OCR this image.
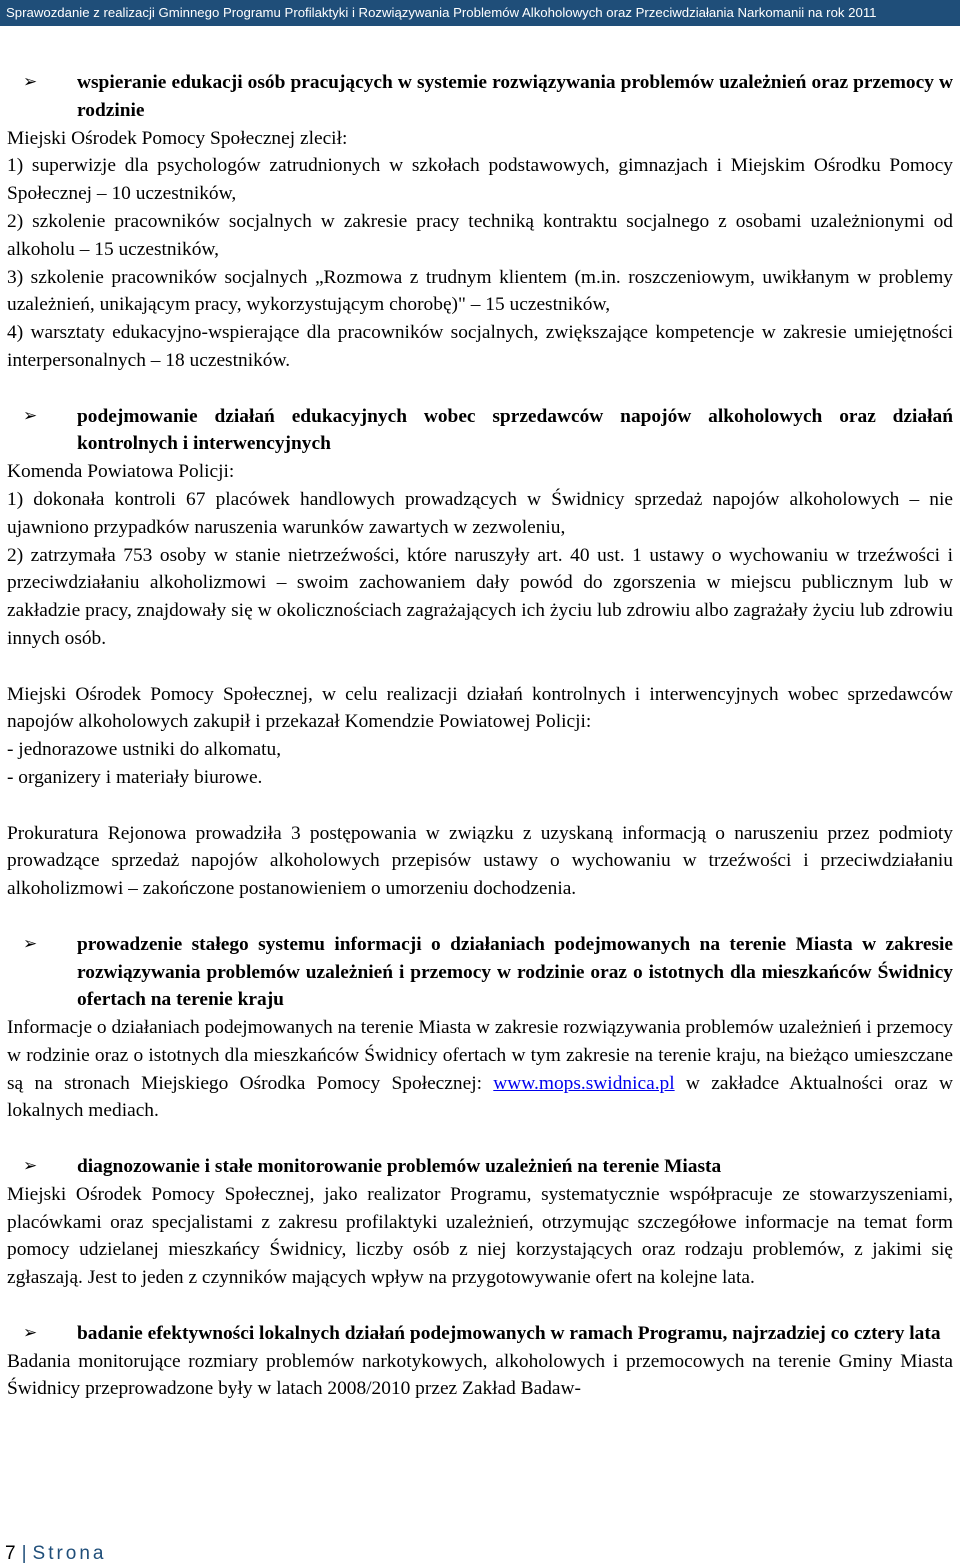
Sprawozdanie z realizacji Gminnego Programu Profilaktyki i Rozwiązywania Problemów Alkoholowych oraz Przeciwdziałania Narkomanii na rok 2011
➢ wspieranie edukacji osób pracujących w systemie rozwiązywania problemów uzależnień oraz przemocy w rodzinie

Miejski Ośrodek Pomocy Społecznej zlecił:

1) superwizje dla psychologów zatrudnionych w szkołach podstawowych, gimnazjach i Miejskim Ośrodku Pomocy Społecznej – 10 uczestników,

2) szkolenie pracowników socjalnych w zakresie pracy techniką kontraktu socjalnego z osobami uzależnionymi od alkoholu – 15 uczestników,

3) szkolenie pracowników socjalnych „Rozmowa z trudnym klientem (m.in. roszczeniowym, uwikłanym w problemy uzależnień, unikającym pracy, wykorzystującym chorobę)" – 15 uczestników,

4) warsztaty edukacyjno-wspierające dla pracowników socjalnych, zwiększające kompetencje w zakresie umiejętności interpersonalnych – 18 uczestników.

➢ podejmowanie działań edukacyjnych wobec sprzedawców napojów alkoholowych oraz działań kontrolnych i interwencyjnych

Komenda Powiatowa Policji:

1) dokonała kontroli 67 placówek handlowych prowadzących w Świdnicy sprzedaż napojów alkoholowych – nie ujawniono przypadków naruszenia warunków zawartych w zezwoleniu,

2) zatrzymała 753 osoby w stanie nietrzeźwości, które naruszyły art. 40 ust. 1 ustawy o wychowaniu w trzeźwości i przeciwdziałaniu alkoholizmowi – swoim zachowaniem dały powód do zgorszenia w miejscu publicznym lub w zakładzie pracy, znajdowały się w okolicznościach zagrażających ich życiu lub zdrowiu albo zagrażały życiu lub zdrowiu innych osób.

Miejski Ośrodek Pomocy Społecznej, w celu realizacji działań kontrolnych i interwencyjnych wobec sprzedawców napojów alkoholowych zakupił i przekazał Komendzie Powiatowej Policji:

- jednorazowe ustniki do alkomatu,

- organizery i materiały biurowe.

Prokuratura Rejonowa prowadziła 3 postępowania w związku z uzyskaną informacją o naruszeniu przez podmioty prowadzące sprzedaż napojów alkoholowych przepisów ustawy o wychowaniu w trzeźwości i przeciwdziałaniu alkoholizmowi – zakończone postanowieniem o umorzeniu dochodzenia.

➢ prowadzenie stałego systemu informacji o działaniach podejmowanych na terenie Miasta w zakresie rozwiązywania problemów uzależnień i przemocy w rodzinie oraz o istotnych dla mieszkańców Świdnicy ofertach na terenie kraju

Informacje o działaniach podejmowanych na terenie Miasta w zakresie rozwiązywania problemów uzależnień i przemocy w rodzinie oraz o istotnych dla mieszkańców Świdnicy ofertach w tym zakresie na terenie kraju, na bieżąco umieszczane są na stronach Miejskiego Ośrodka Pomocy Społecznej: www.mops.swidnica.pl w zakładce Aktualności oraz w lokalnych mediach.

➢ diagnozowanie i stałe monitorowanie problemów uzależnień na terenie Miasta

Miejski Ośrodek Pomocy Społecznej, jako realizator Programu, systematycznie współpracuje ze stowarzyszeniami, placówkami oraz specjalistami z zakresu profilaktyki uzależnień, otrzymując szczegółowe informacje na temat form pomocy udzielanej mieszkańcy Świdnicy, liczby osób z niej korzystających oraz rodzaju problemów, z jakimi się zgłaszają. Jest to jeden z czynników mających wpływ na przygotowywanie ofert na kolejne lata.

➢ badanie efektywności lokalnych działań podejmowanych w ramach Programu, najrzadziej co cztery lata

Badania monitorujące rozmiary problemów narkotykowych, alkoholowych i przemocowych na terenie Gminy Miasta Świdnicy przeprowadzone były w latach 2008/2010 przez Zakład Badaw-

7 | Strona
